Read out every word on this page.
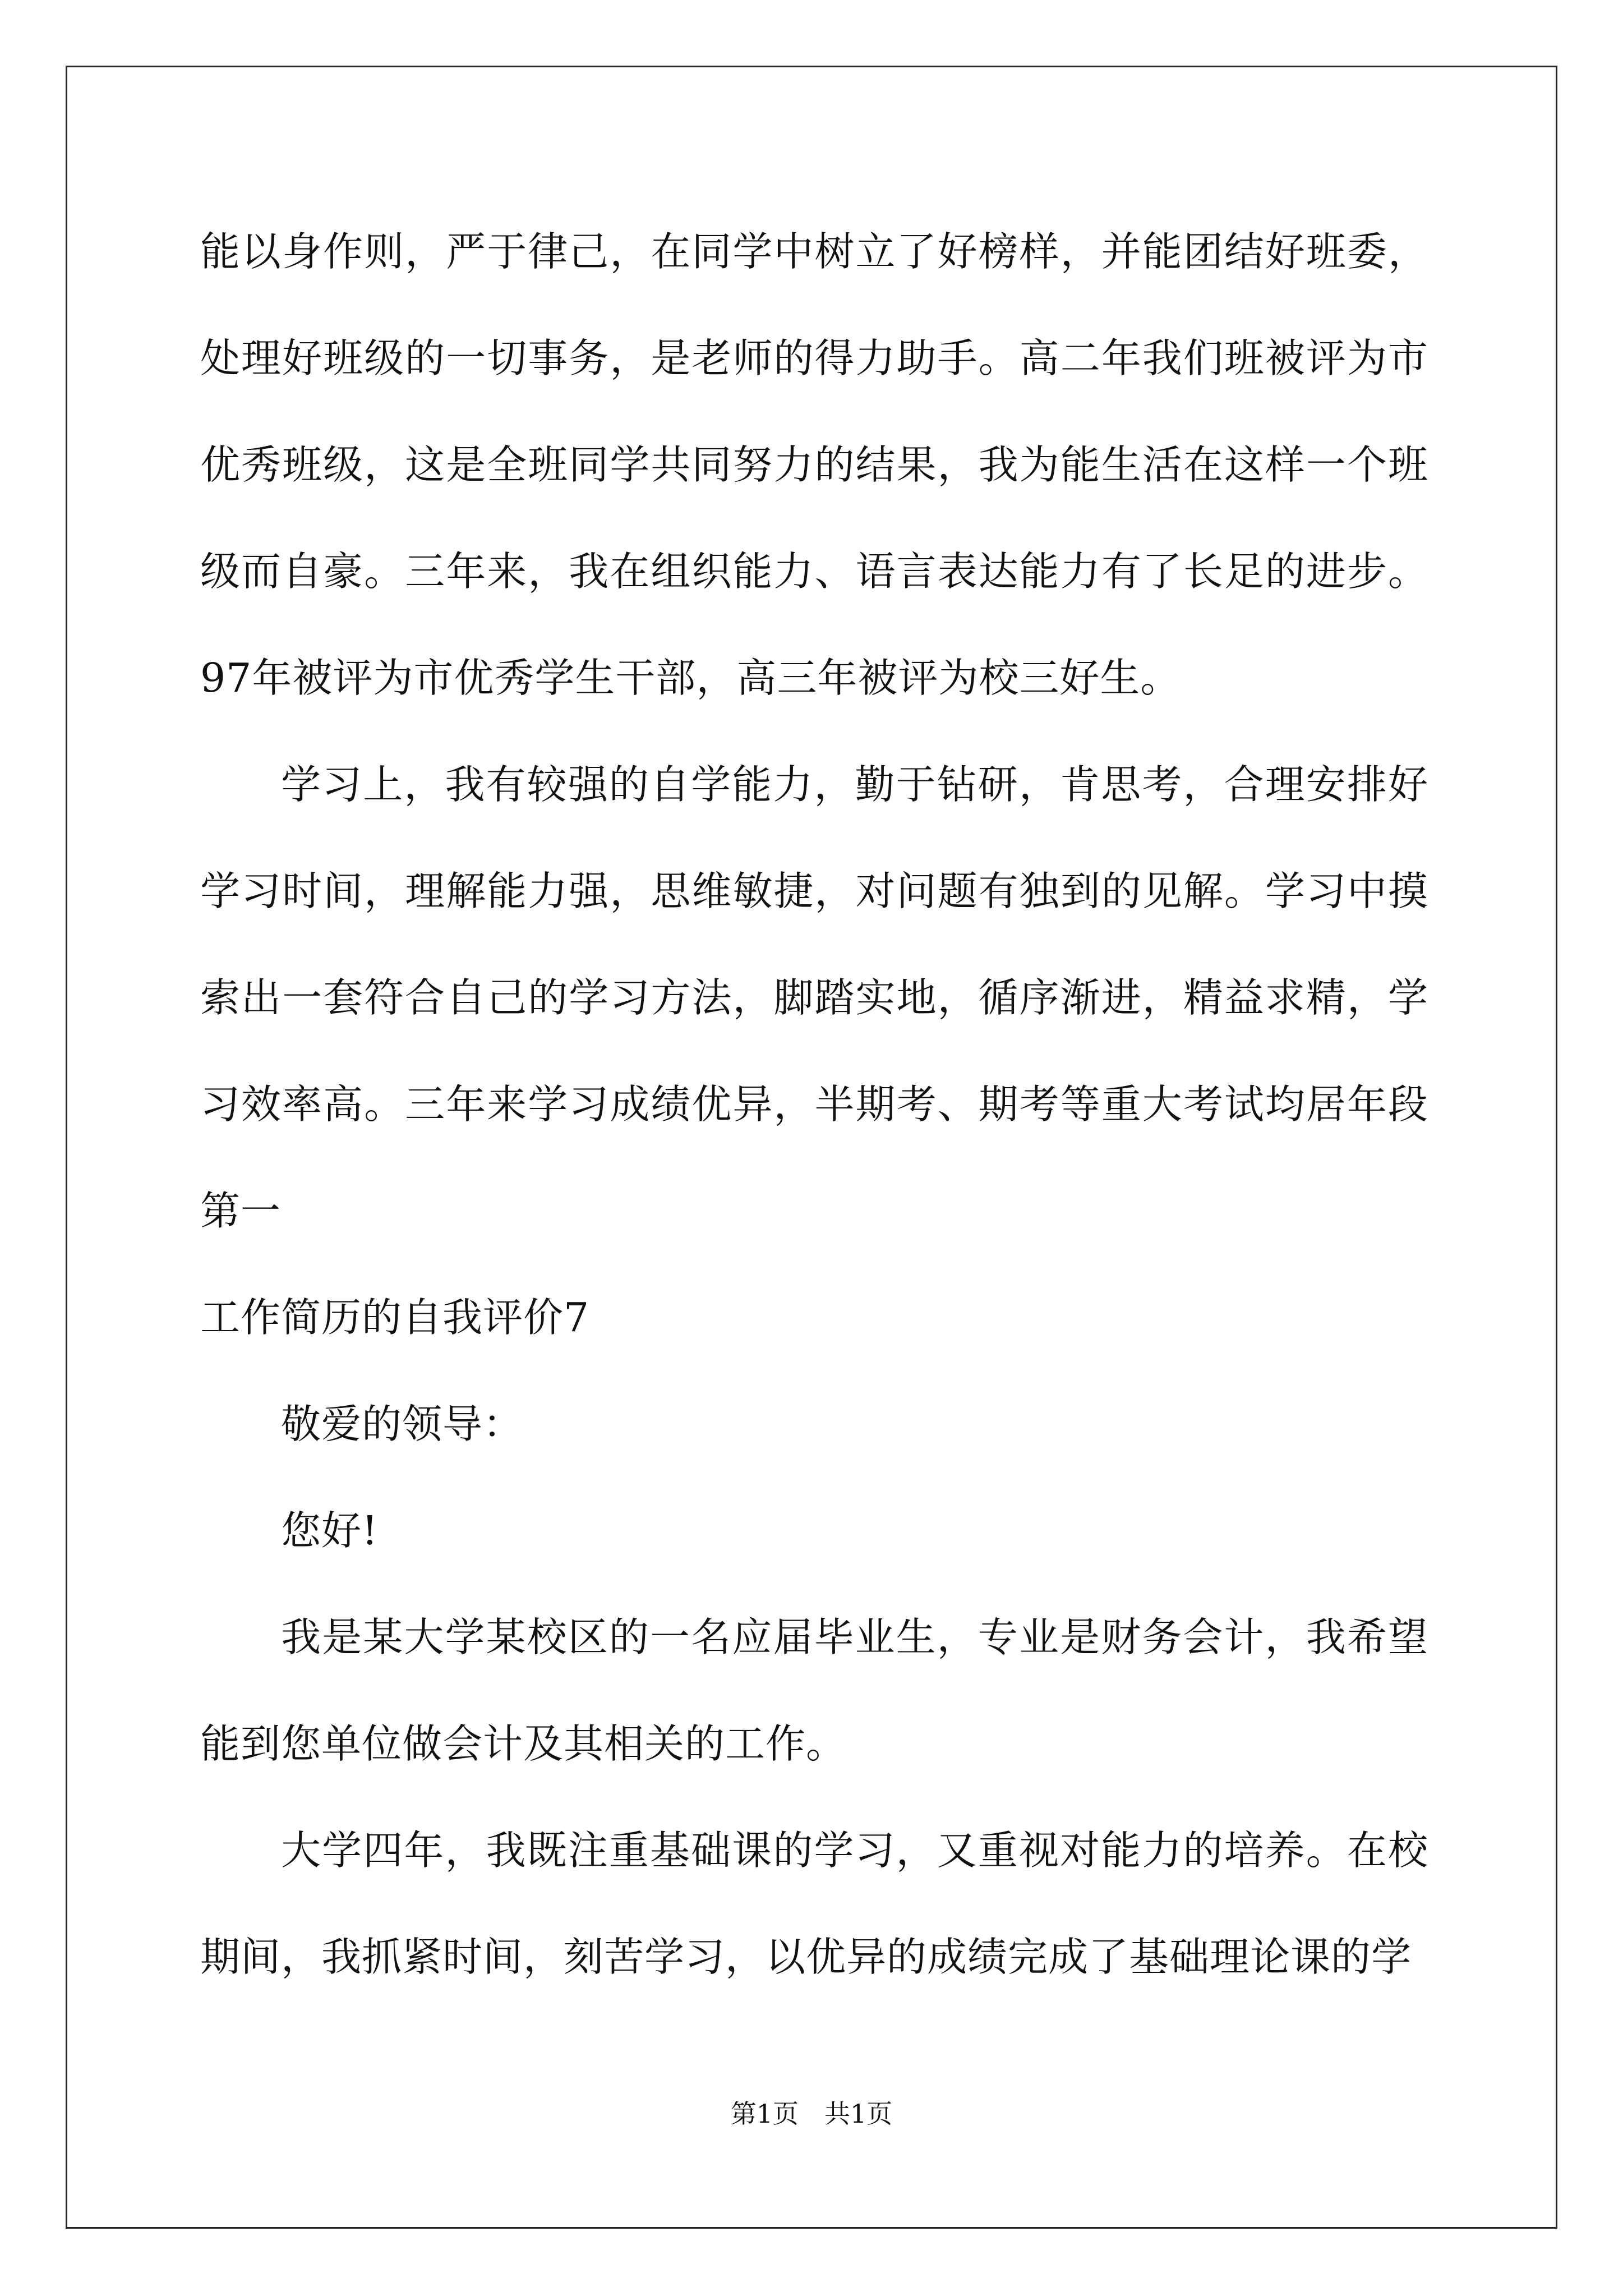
能以身作则，严于律己，在同学中树立了好榜样，并能团结好班委，处理好班级的一切事务，是老师的得力助手。高二年我们班被评为市优秀班级，这是全班同学共同努力的结果，我为能生活在这样一个班级而自豪。三年来，我在组织能力、语言表达能力有了长足的进步。97年被评为市优秀学生干部，高三年被评为校三好生。

学习上，我有较强的自学能力，勤于钻研，肯思考，合理安排好学习时间，理解能力强，思维敏捷，对问题有独到的见解。学习中摸索出一套符合自己的学习方法，脚踏实地，循序渐进，精益求精，学习效率高。三年来学习成绩优异，半期考、期考等重大考试均居年段第一

工作简历的自我评价7

敬爱的领导：

您好!

我是某大学某校区的一名应届毕业生，专业是财务会计，我希望能到您单位做会计及其相关的工作。

大学四年，我既注重基础课的学习，又重视对能力的培养。在校期间，我抓紧时间，刻苦学习，以优异的成绩完成了基础理论课的学

第1页 共1页
